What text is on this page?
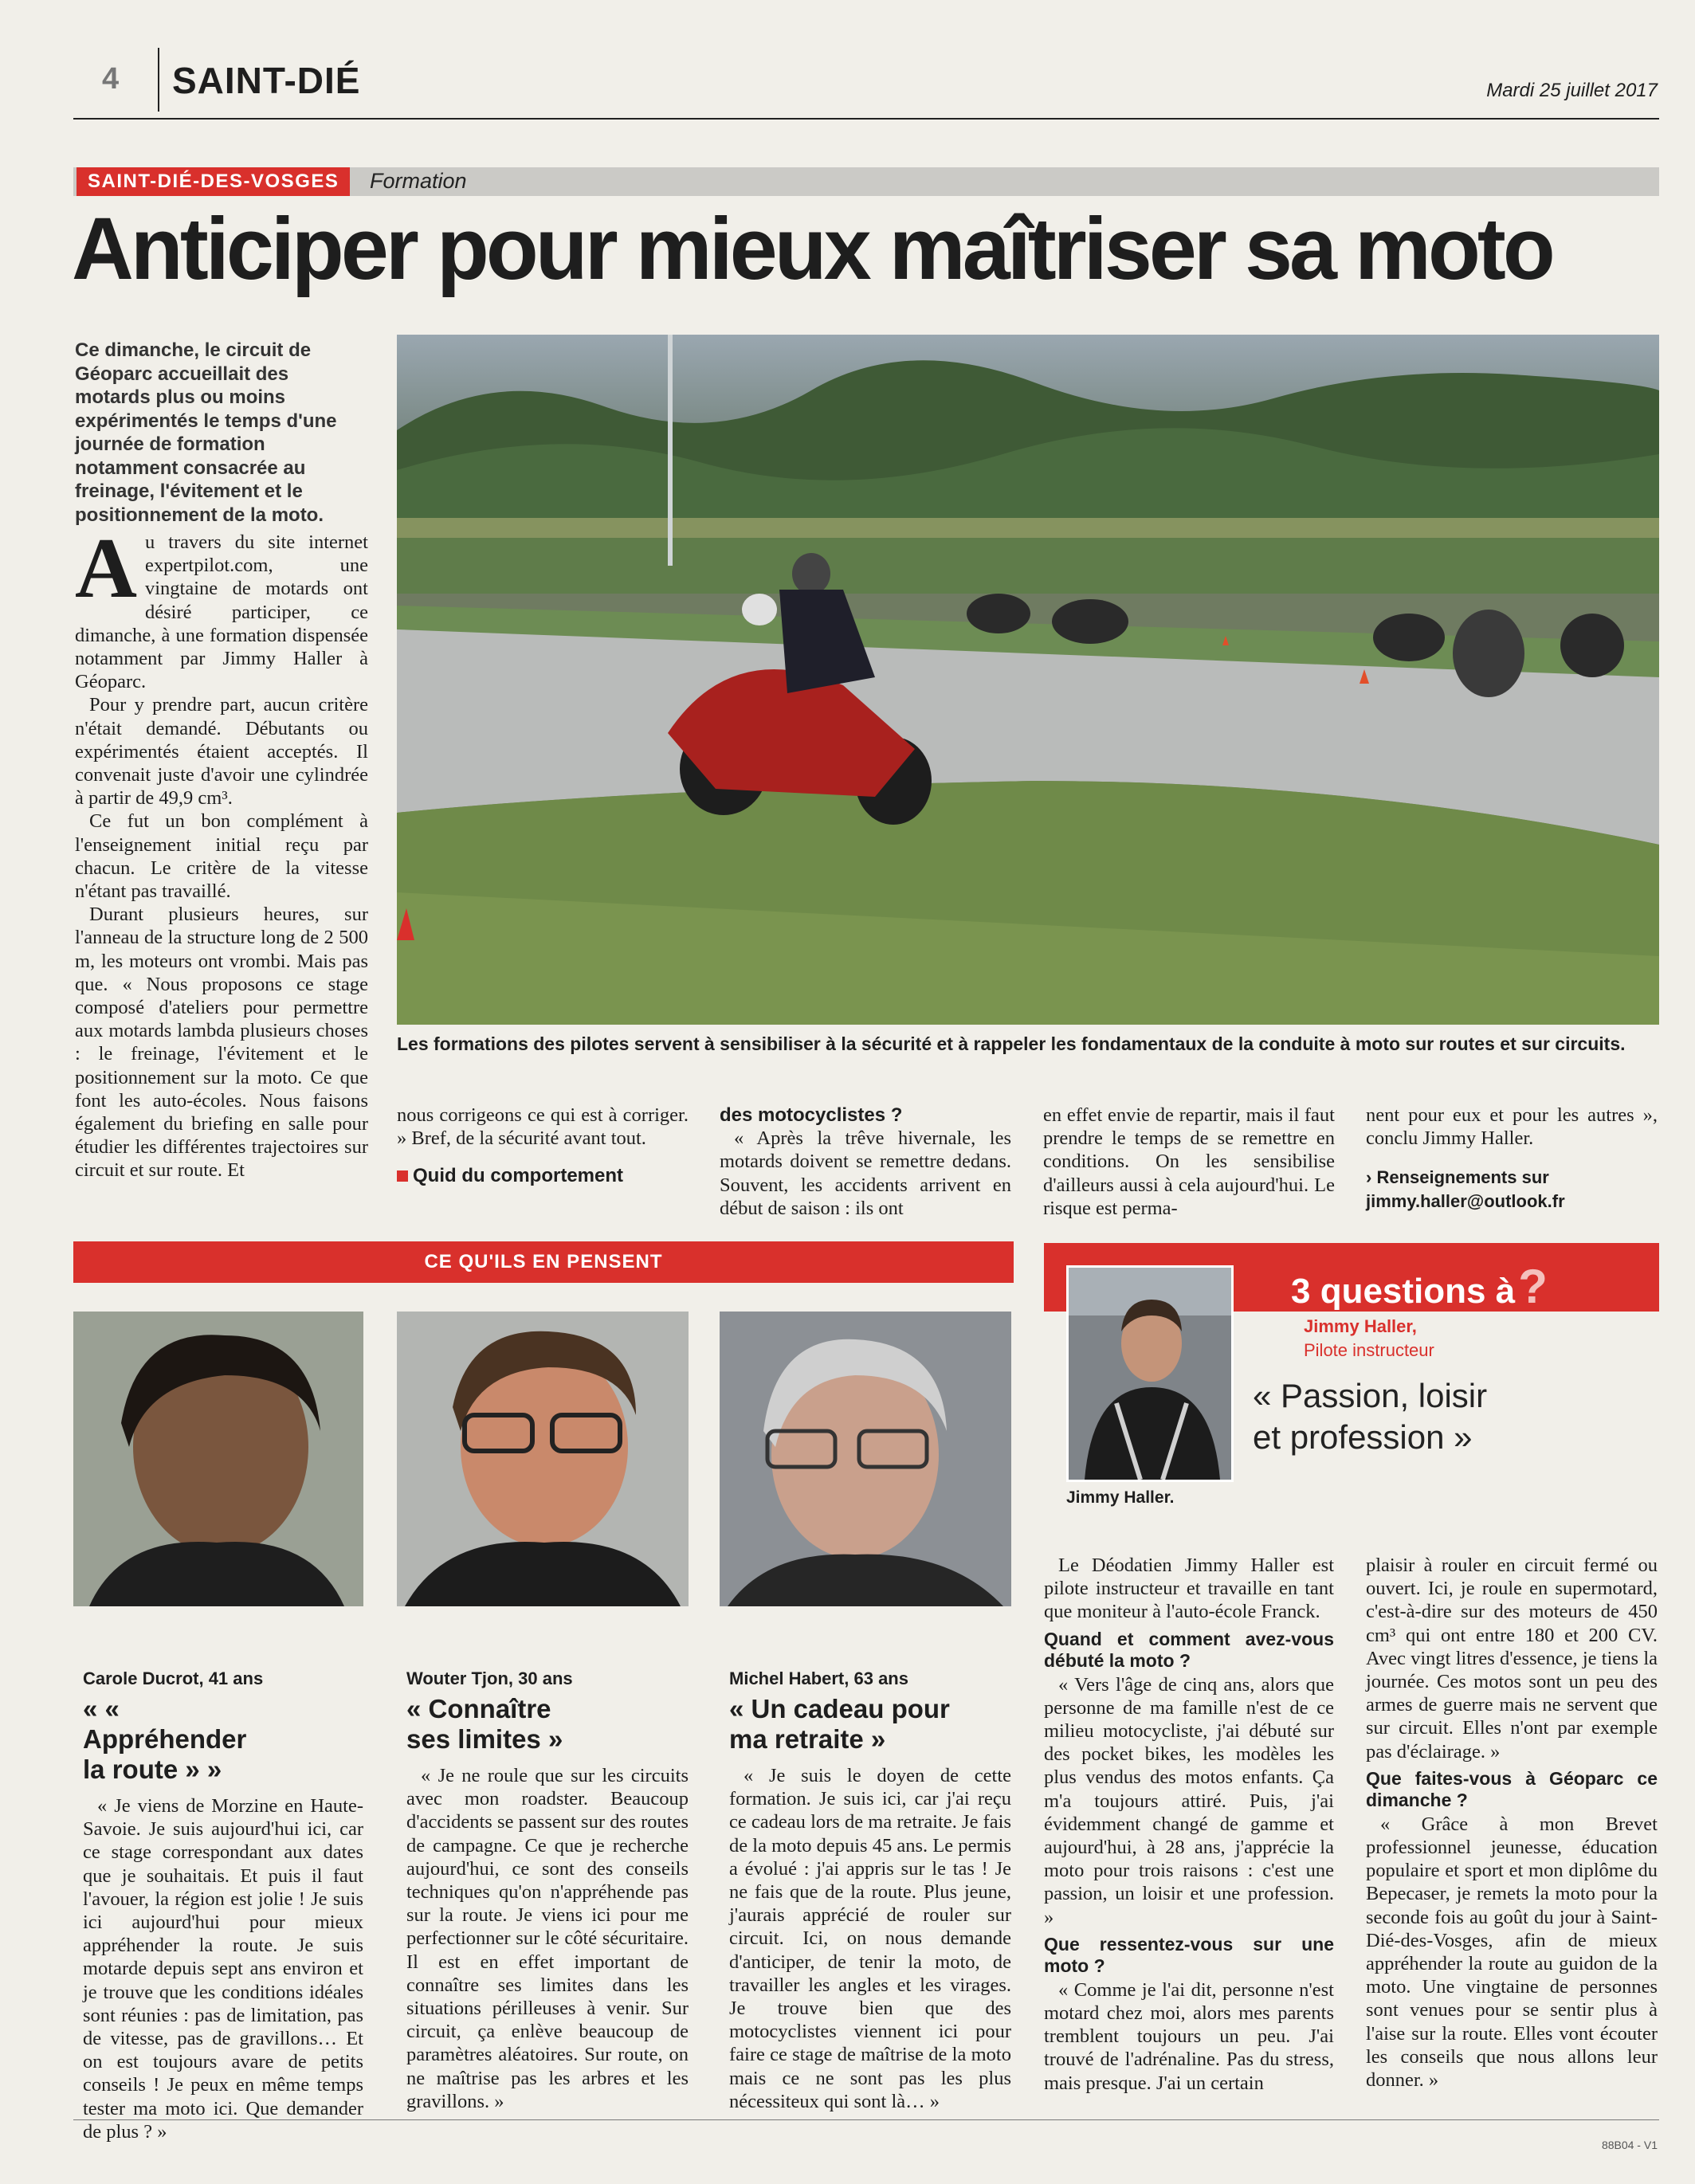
4 SAINT-DIÉ	Mardi 25 juillet 2017
SAINT-DIÉ-DES-VOSGES	Formation
Anticiper pour mieux maîtriser sa moto
Ce dimanche, le circuit de Géoparc accueillait des motards plus ou moins expérimentés le temps d'une journée de formation notamment consacrée au freinage, l'évitement et le positionnement de la moto.
Les formations des pilotes servent à sensibiliser à la sécurité et à rappeler les fondamentaux de la conduite à moto sur routes et sur circuits.
A u travers du site internet expertpilot.com, une vingtaine de motards ont désiré participer, ce dimanche, à une formation dispensée notamment par Jimmy Haller à Géoparc.

Pour y prendre part, aucun critère n'était demandé. Débutants ou expérimentés étaient acceptés. Il convenait juste d'avoir une cylindrée à partir de 49,9 cm³.

Ce fut un bon complément à l'enseignement initial reçu par chacun. Le critère de la vitesse n'étant pas travaillé.

Durant plusieurs heures, sur l'anneau de la structure long de 2 500 m, les moteurs ont vrombi. Mais pas que. « Nous proposons ce stage composé d'ateliers pour permettre aux motards lambda plusieurs choses : le freinage, l'évitement et le positionnement sur la moto. Ce que font les auto-écoles. Nous faisons également du briefing en salle pour étudier les différentes trajectoires sur circuit et sur route. Et

nous corrigeons ce qui est à corriger. » Bref, de la sécurité avant tout.

Quid du comportement
des motocyclistes ?

« Après la trêve hivernale, les motards doivent se remettre dedans. Souvent, les accidents arrivent en début de saison : ils ont

en effet envie de repartir, mais il faut prendre le temps de se remettre en conditions. On les sensibilise d'ailleurs aussi à cela aujourd'hui. Le risque est perma-

nent pour eux et pour les autres », conclu Jimmy Haller.

› Renseignements sur
jimmy.haller@outlook.fr
CE QU'ILS EN PENSENT
Carole Ducrot, 41 ans
« « Appréhender la route » »
« Je viens de Morzine en Haute-Savoie. Je suis aujourd'hui ici, car ce stage correspondant aux dates que je souhaitais. Et puis il faut l'avouer, la région est jolie ! Je suis ici aujourd'hui pour mieux appréhender la route. Je suis motarde depuis sept ans environ et je trouve que les conditions idéales sont réunies : pas de limitation, pas de vitesse, pas de gravillons… Et on est toujours avare de petits conseils ! Je peux en même temps tester ma moto ici. Que demander de plus ? »
Wouter Tjon, 30 ans
« Connaître ses limites »
« Je ne roule que sur les circuits avec mon roadster. Beaucoup d'accidents se passent sur des routes de campagne. Ce que je recherche aujourd'hui, ce sont des conseils techniques qu'on n'appréhende pas sur la route. Je viens ici pour me perfectionner sur le côté sécuritaire. Il est en effet important de connaître ses limites dans les situations périlleuses à venir. Sur circuit, ça enlève beaucoup de paramètres aléatoires. Sur route, on ne maîtrise pas les arbres et les gravillons. »
Michel Habert, 63 ans
« Un cadeau pour ma retraite »
« Je suis le doyen de cette formation. Je suis ici, car j'ai reçu ce cadeau lors de ma retraite. Je fais de la moto depuis 45 ans. Le permis a évolué : j'ai appris sur le tas ! Je ne fais que de la route. Plus jeune, j'aurais apprécié de rouler sur circuit. Ici, on nous demande d'anticiper, de tenir la moto, de travailler les angles et les virages. Je trouve bien que des motocyclistes viennent ici pour faire ce stage de maîtrise de la moto mais ce ne sont pas les plus nécessiteux qui sont là… »
3 questions à?
Jimmy Haller.
Jimmy Haller,
Pilote instructeur
« Passion, loisir et profession »

Le Déodatien Jimmy Haller est pilote instructeur et travaille en tant que moniteur à l'auto-école Franck.

Quand et comment avez-vous débuté la moto ?

« Vers l'âge de cinq ans, alors que personne de ma famille n'est de ce milieu motocycliste, j'ai débuté sur des pocket bikes, les modèles les plus vendus des motos enfants. Ça m'a toujours attiré. Puis, j'ai évidemment changé de gamme et aujourd'hui, à 28 ans, j'apprécie la moto pour trois raisons : c'est une passion, un loisir et une profession. »

Que ressentez-vous sur une moto ?

« Comme je l'ai dit, personne n'est motard chez moi, alors mes parents tremblent toujours un peu. J'ai trouvé de l'adrénaline. Pas du stress, mais presque. J'ai un certain

plaisir à rouler en circuit fermé ou ouvert. Ici, je roule en supermotard, c'est-à-dire sur des moteurs de 450 cm³ qui ont entre 180 et 200 CV. Avec vingt litres d'essence, je tiens la journée. Ces motos sont un peu des armes de guerre mais ne servent que sur circuit. Elles n'ont par exemple pas d'éclairage. »

Que faites-vous à Géoparc ce dimanche ?

« Grâce à mon Brevet professionnel jeunesse, éducation populaire et sport et mon diplôme du Bepecaser, je remets la moto pour la seconde fois au goût du jour à Saint-Dié-des-Vosges, afin de mieux appréhender la route au guidon de la moto. Une vingtaine de personnes sont venues pour se sentir plus à l'aise sur la route. Elles vont écouter les conseils que nous allons leur donner. »

88B04 - V1
